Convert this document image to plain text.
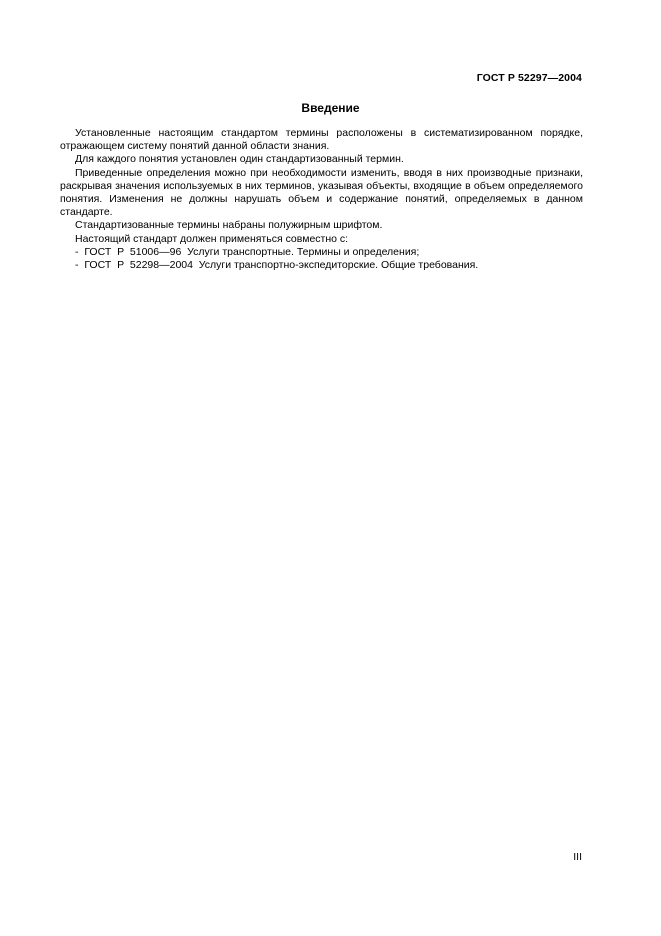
ГОСТ Р 52297—2004
Введение

Установленные настоящим стандартом термины расположены в систематизированном порядке, отражающем систему понятий данной области знания.

Для каждого понятия установлен один стандартизованный термин.

Приведенные определения можно при необходимости изменить, вводя в них производные признаки, раскрывая значения используемых в них терминов, указывая объекты, входящие в объем определяемого понятия. Изменения не должны нарушать объем и содержание понятий, определяемых в данном стандарте.

Стандартизованные термины набраны полужирным шрифтом.

Настоящий стандарт должен применяться совместно с:

-  ГОСТ  Р  51006—96  Услуги транспортные. Термины и определения;

-  ГОСТ  Р  52298—2004  Услуги транспортно-экспедиторские. Общие требования.

III
